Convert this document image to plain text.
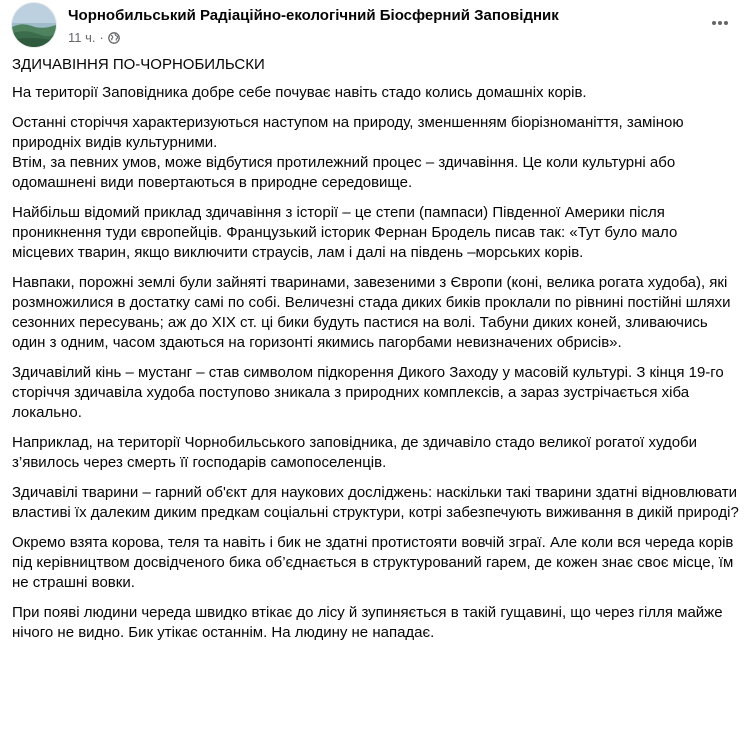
Чорнобильський Радіаційно-екологічний Біосферний Заповідник
11 ч. ·

ЗДИЧАВІННЯ ПО-ЧОРНОБИЛЬСКИ

На території Заповідника добре себе почуває навіть стадо колись домашніх корів.

Останні сторіччя характеризуються наступом на природу, зменшенням біорізноманіття, заміною природніх видів культурними.
Втім, за певних умов, може відбутися протилежний процес – здичавіння. Це коли культурні або одомашнені види повертаються в природне середовище.

Найбільш відомий приклад здичавіння з історії – це степи (пампаси) Південної Америки після проникнення туди європейців. Французький історик Фернан Бродель писав так: «Тут було мало місцевих тварин, якщо виключити страусів, лам і далі на південь –морських корів.

Навпаки, порожні землі були зайняті тваринами, завезеними з Європи (коні, велика рогата худоба), які розмножилися в достатку самі по собі. Величезні стада диких биків проклали по рівнині постійні шляхи сезонних пересувань; аж до XIX ст. ці бики будуть пастися на волі. Табуни диких коней, зливаючись один з одним, часом здаються на горизонті якимись пагорбами невизначених обрисів».

Здичавілий кінь – мустанг – став символом підкорення Дикого Заходу у масовій культурі. З кінця 19-го сторіччя здичавіла худоба поступово зникала з природних комплексів, а зараз зустрічається хіба локально.

Наприклад, на території Чорнобильського заповідника, де здичавіло стадо великої рогатої худоби з’явилось через смерть її господарів самопоселенців.

Здичавілі тварини – гарний об'єкт для наукових досліджень: наскільки такі тварини здатні відновлювати властиві їх далеким диким предкам соціальні структури, котрі забезпечують виживання в дикій природі?

Окремо взята корова, теля та навіть і бик не здатні протистояти вовчій зграї. Але коли вся череда корів під керівництвом досвідченого бика об’єднається в структурований гарем, де кожен знає своє місце, їм не страшні вовки.

При появі людини череда швидко втікає до лісу й зупиняється в такій гущавині, що через гілля майже нічого не видно. Бик утікає останнім. На людину не нападає.
